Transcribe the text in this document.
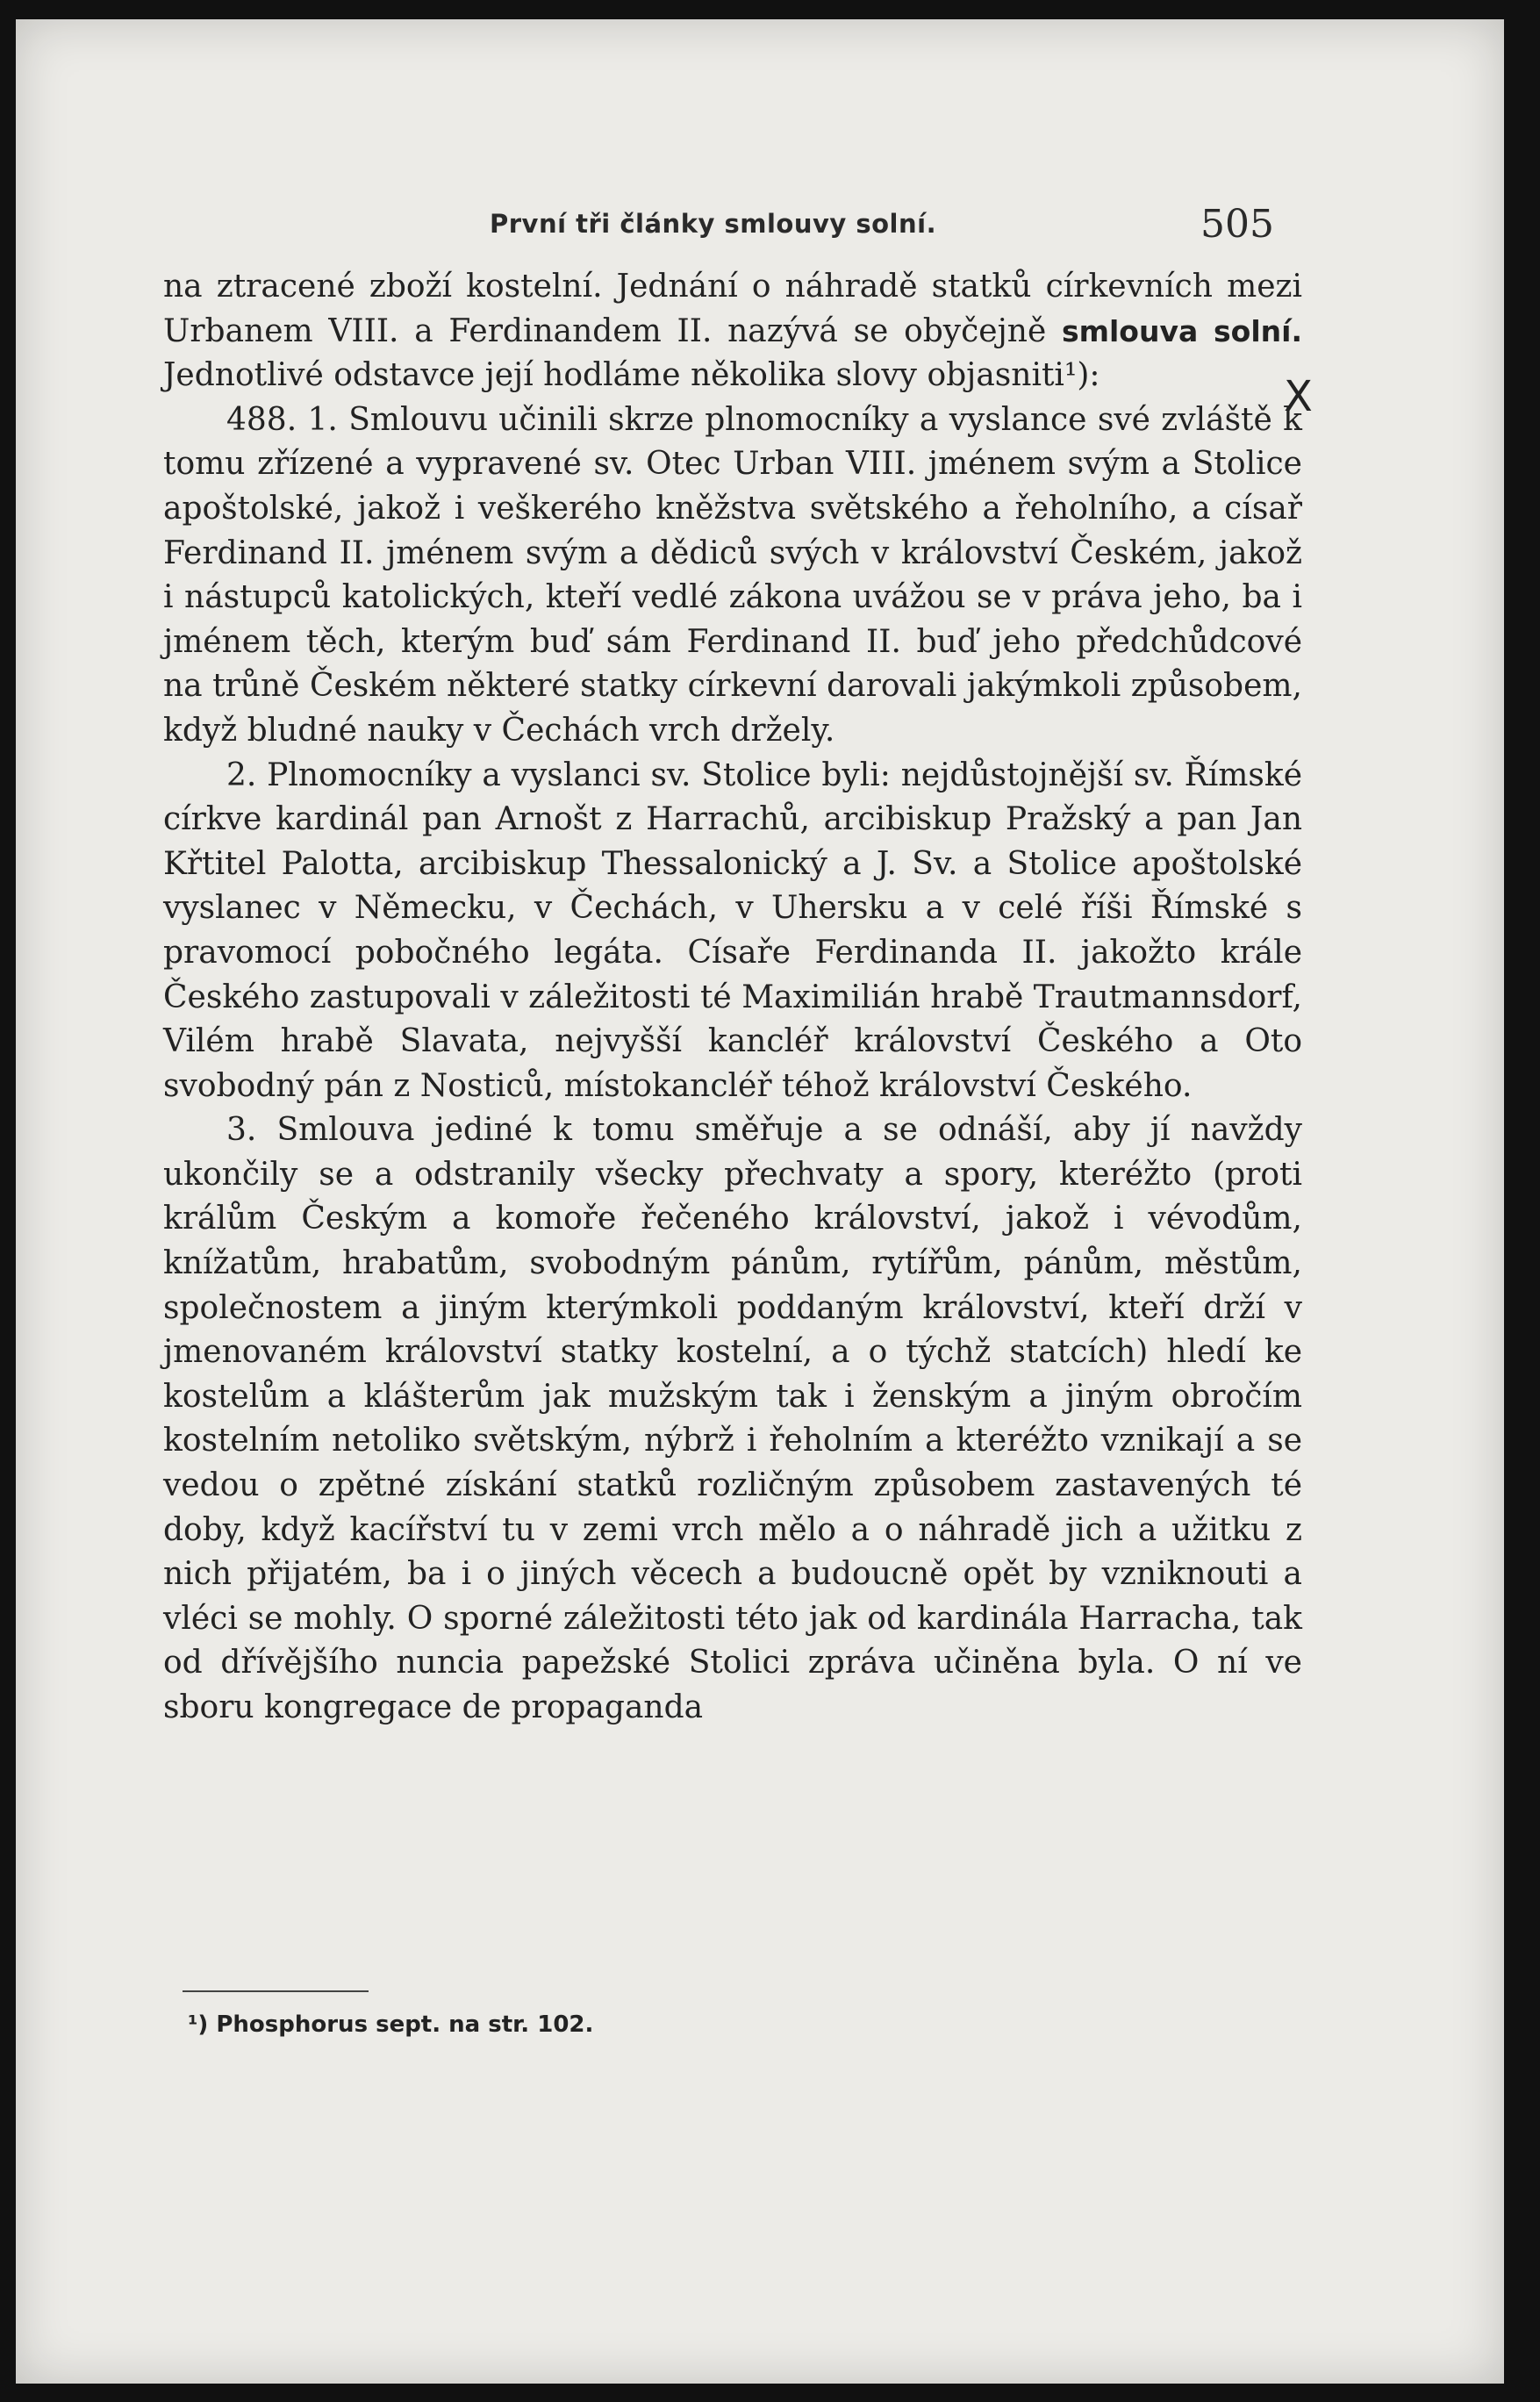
První tři články smlouvy solní.	505
X

na ztracené zboží kostelní. Jednání o náhradě statků církevních mezi Urbanem VIII. a Ferdinandem II. nazývá se obyčejně smlouva solní. Jednotlivé odstavce její hodláme několika slovy objasniti¹):

488. 1. Smlouvu učinili skrze plnomocníky a vyslance své zvláště k tomu zřízené a vypravené sv. Otec Urban VIII. jménem svým a Stolice apoštolské, jakož i veškerého kněžstva světského a řeholního, a císař Ferdinand II. jménem svým a dědiců svých v království Českém, jakož i nástupců katolických, kteří vedlé zákona uvážou se v práva jeho, ba i jménem těch, kterým buď sám Ferdinand II. buď jeho předchůdcové na trůně Českém některé statky církevní darovali jakýmkoli způsobem, když bludné nauky v Čechách vrch držely.

2. Plnomocníky a vyslanci sv. Stolice byli: nejdůstojnější sv. Římské církve kardinál pan Arnošt z Harrachů, arcibiskup Pražský a pan Jan Křtitel Palotta, arcibiskup Thessalonický a J. Sv. a Stolice apoštolské vyslanec v Německu, v Čechách, v Uhersku a v celé říši Římské s pravomocí pobočného legáta. Císaře Ferdinanda II. jakožto krále Českého zastupovali v záležitosti té Maximilián hrabě Trautmannsdorf, Vilém hrabě Slavata, nejvyšší kancléř království Českého a Oto svobodný pán z Nosticů, místokancléř téhož království Českého.

3. Smlouva jediné k tomu směřuje a se odnáší, aby jí navždy ukončily se a odstranily všecky přechvaty a spory, kteréžto (proti králům Českým a komoře řečeného království, jakož i vévodům, knížatům, hrabatům, svobodným pánům, rytířům, pánům, městům, společnostem a jiným kterýmkoli poddaným království, kteří drží v jmenovaném království statky kostelní, a o týchž statcích) hledí ke kostelům a klášterům jak mužským tak i ženským a jiným obročím kostelním netoliko světským, nýbrž i řeholním a kteréžto vznikají a se vedou o zpětné získání statků rozličným způsobem zastavených té doby, když kacířství tu v zemi vrch mělo a o náhradě jich a užitku z nich přijatém, ba i o jiných věcech a budoucně opět by vzniknouti a vléci se mohly. O sporné záležitosti této jak od kardinála Harracha, tak od dřívějšího nuncia papežské Stolici zpráva učiněna byla. O ní ve sboru kongregace de propaganda

¹) Phosphorus sept. na str. 102.
